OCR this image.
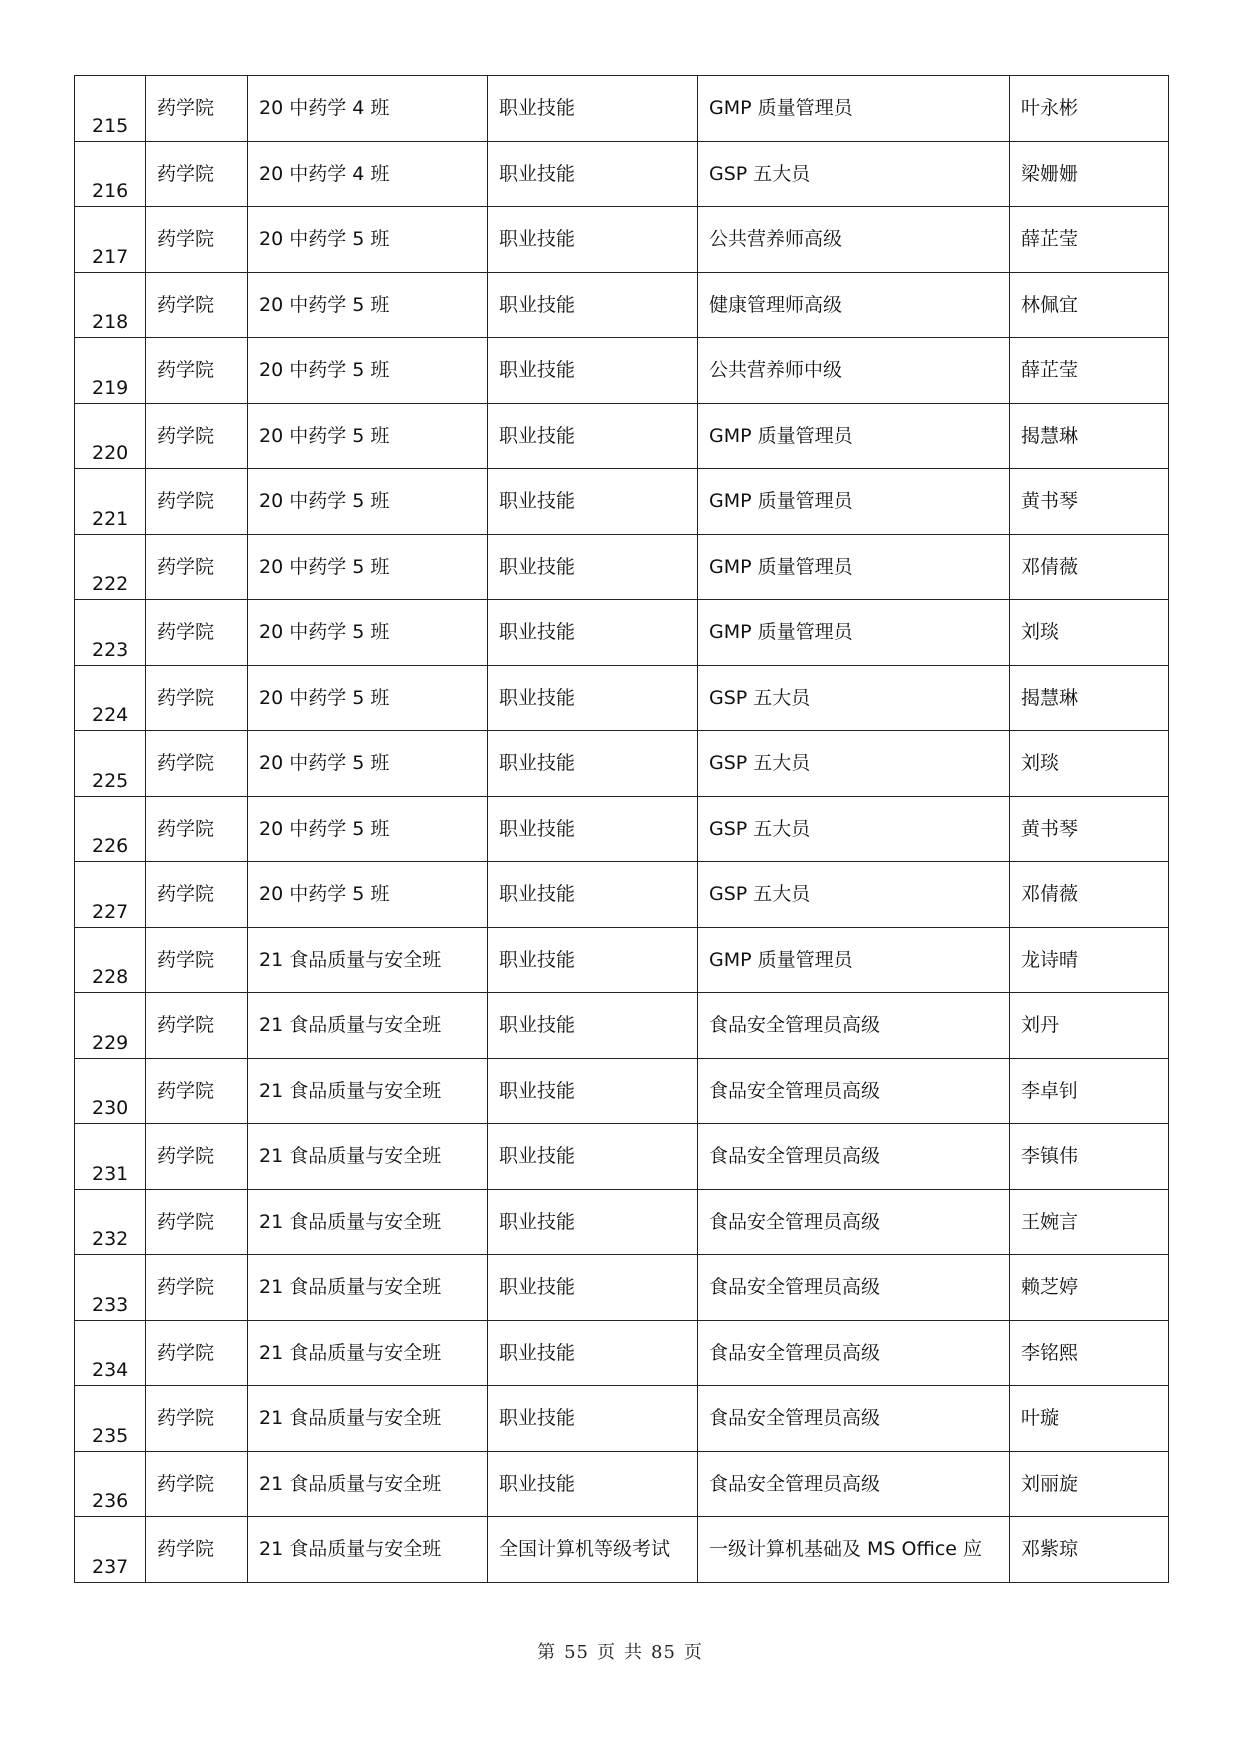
215	药学院	20 中药学 4 班	职业技能	GMP 质量管理员	叶永彬

216	药学院	20 中药学 4 班	职业技能	GSP 五大员	梁姗姗

217	药学院	20 中药学 5 班	职业技能	公共营养师高级	薛芷莹

218	药学院	20 中药学 5 班	职业技能	健康管理师高级	林佩宜

219	药学院	20 中药学 5 班	职业技能	公共营养师中级	薛芷莹

220	药学院	20 中药学 5 班	职业技能	GMP 质量管理员	揭慧琳

221	药学院	20 中药学 5 班	职业技能	GMP 质量管理员	黄书琴

222	药学院	20 中药学 5 班	职业技能	GMP 质量管理员	邓倩薇

223	药学院	20 中药学 5 班	职业技能	GMP 质量管理员	刘琰

224	药学院	20 中药学 5 班	职业技能	GSP 五大员	揭慧琳

225	药学院	20 中药学 5 班	职业技能	GSP 五大员	刘琰

226	药学院	20 中药学 5 班	职业技能	GSP 五大员	黄书琴

227	药学院	20 中药学 5 班	职业技能	GSP 五大员	邓倩薇

228	药学院	21 食品质量与安全班	职业技能	GMP 质量管理员	龙诗晴

229	药学院	21 食品质量与安全班	职业技能	食品安全管理员高级	刘丹

230	药学院	21 食品质量与安全班	职业技能	食品安全管理员高级	李卓钊

231	药学院	21 食品质量与安全班	职业技能	食品安全管理员高级	李镇伟

232	药学院	21 食品质量与安全班	职业技能	食品安全管理员高级	王婉言

233	药学院	21 食品质量与安全班	职业技能	食品安全管理员高级	赖芝婷

234	药学院	21 食品质量与安全班	职业技能	食品安全管理员高级	李铭熙

235	药学院	21 食品质量与安全班	职业技能	食品安全管理员高级	叶璇

236	药学院	21 食品质量与安全班	职业技能	食品安全管理员高级	刘丽旋

237	药学院	21 食品质量与安全班	全国计算机等级考试	一级计算机基础及 MS Office 应	邓紫琼
第 55 页 共 85 页
